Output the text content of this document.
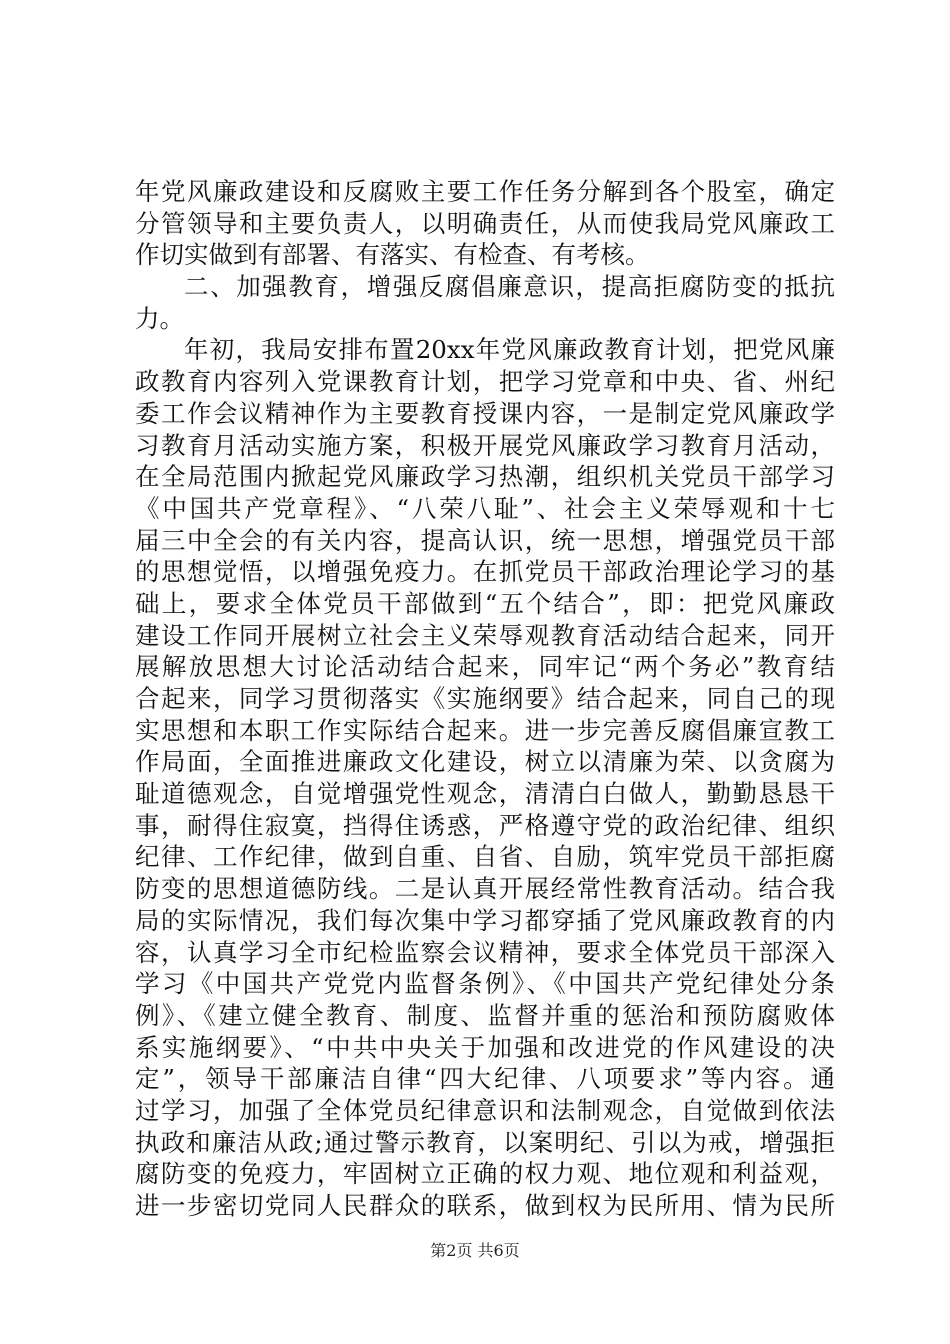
年党风廉政建设和反腐败主要工作任务分解到各个股室，确定
分管领导和主要负责人，以明确责任，从而使我局党风廉政工
作切实做到有部署、有落实、有检查、有考核。
二、加强教育，增强反腐倡廉意识，提高拒腐防变的抵抗
力。
年初，我局安排布置20xx年党风廉政教育计划，把党风廉
政教育内容列入党课教育计划，把学习党章和中央、省、州纪
委工作会议精神作为主要教育授课内容，一是制定党风廉政学
习教育月活动实施方案，积极开展党风廉政学习教育月活动，
在全局范围内掀起党风廉政学习热潮，组织机关党员干部学习
《中国共产党章程》、“八荣八耻”、社会主义荣辱观和十七
届三中全会的有关内容，提高认识，统一思想，增强党员干部
的思想觉悟，以增强免疫力。在抓党员干部政治理论学习的基
础上，要求全体党员干部做到“五个结合”，即：把党风廉政
建设工作同开展树立社会主义荣辱观教育活动结合起来，同开
展解放思想大讨论活动结合起来，同牢记“两个务必”教育结
合起来，同学习贯彻落实《实施纲要》结合起来，同自己的现
实思想和本职工作实际结合起来。进一步完善反腐倡廉宣教工
作局面，全面推进廉政文化建设，树立以清廉为荣、以贪腐为
耻道德观念，自觉增强党性观念，清清白白做人，勤勤恳恳干
事，耐得住寂寞，挡得住诱惑，严格遵守党的政治纪律、组织
纪律、工作纪律，做到自重、自省、自励，筑牢党员干部拒腐
防变的思想道德防线。二是认真开展经常性教育活动。结合我
局的实际情况，我们每次集中学习都穿插了党风廉政教育的内
容，认真学习全市纪检监察会议精神，要求全体党员干部深入
学习《中国共产党党内监督条例》、《中国共产党纪律处分条
例》、《建立健全教育、制度、监督并重的惩治和预防腐败体
系实施纲要》、“中共中央关于加强和改进党的作风建设的决
定”，领导干部廉洁自律“四大纪律、八项要求”等内容。通
过学习，加强了全体党员纪律意识和法制观念，自觉做到依法
执政和廉洁从政;通过警示教育，以案明纪、引以为戒，增强拒
腐防变的免疫力，牢固树立正确的权力观、地位观和利益观，
进一步密切党同人民群众的联系，做到权为民所用、情为民所
第2页 共6页
